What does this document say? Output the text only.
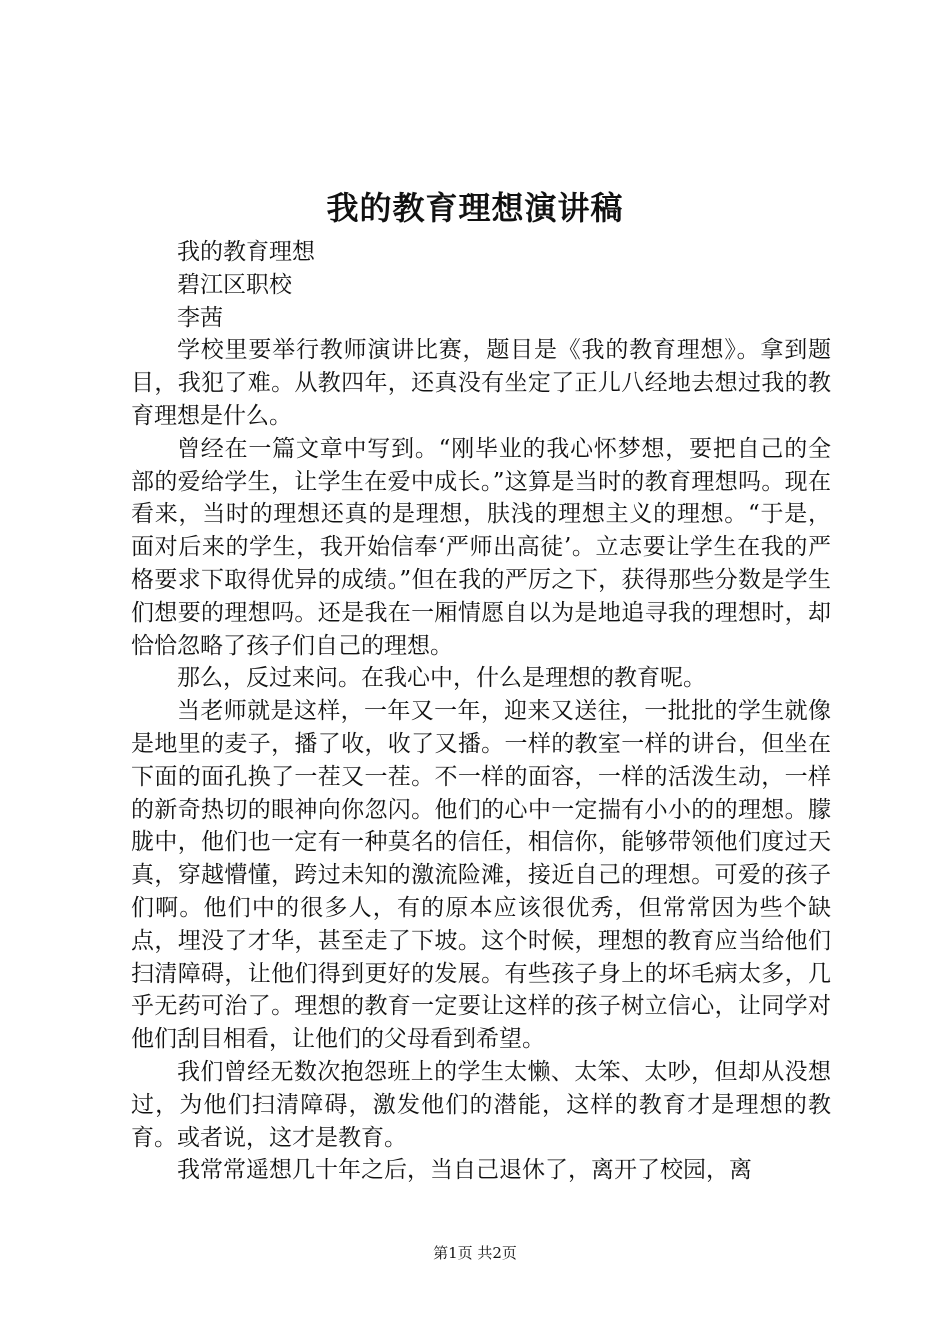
我的教育理想演讲稿

我的教育理想

碧江区职校

李茜

学校里要举行教师演讲比赛，题目是《我的教育理想》。拿到题目，我犯了难。从教四年，还真没有坐定了正儿八经地去想过我的教育理想是什么。

曾经在一篇文章中写到。“刚毕业的我心怀梦想，要把自己的全部的爱给学生，让学生在爱中成长。”这算是当时的教育理想吗。现在看来，当时的理想还真的是理想，肤浅的理想主义的理想。“于是，面对后来的学生，我开始信奉‘严师出高徒’。立志要让学生在我的严格要求下取得优异的成绩。”但在我的严厉之下，获得那些分数是学生们想要的理想吗。还是我在一厢情愿自以为是地追寻我的理想时，却恰恰忽略了孩子们自己的理想。

那么，反过来问。在我心中，什么是理想的教育呢。

当老师就是这样，一年又一年，迎来又送往，一批批的学生就像是地里的麦子，播了收，收了又播。一样的教室一样的讲台，但坐在下面的面孔换了一茬又一茬。不一样的面容，一样的活泼生动，一样的新奇热切的眼神向你忽闪。他们的心中一定揣有小小的的理想。朦胧中，他们也一定有一种莫名的信任，相信你，能够带领他们度过天真，穿越懵懂，跨过未知的激流险滩，接近自己的理想。可爱的孩子们啊。他们中的很多人，有的原本应该很优秀，但常常因为些个缺点，埋没了才华，甚至走了下坡。这个时候，理想的教育应当给他们扫清障碍，让他们得到更好的发展。有些孩子身上的坏毛病太多，几乎无药可治了。理想的教育一定要让这样的孩子树立信心，让同学对他们刮目相看，让他们的父母看到希望。

我们曾经无数次抱怨班上的学生太懒、太笨、太吵，但却从没想过，为他们扫清障碍，激发他们的潜能，这样的教育才是理想的教育。或者说，这才是教育。

我常常遥想几十年之后，当自己退休了，离开了校园，离

第1页 共2页
